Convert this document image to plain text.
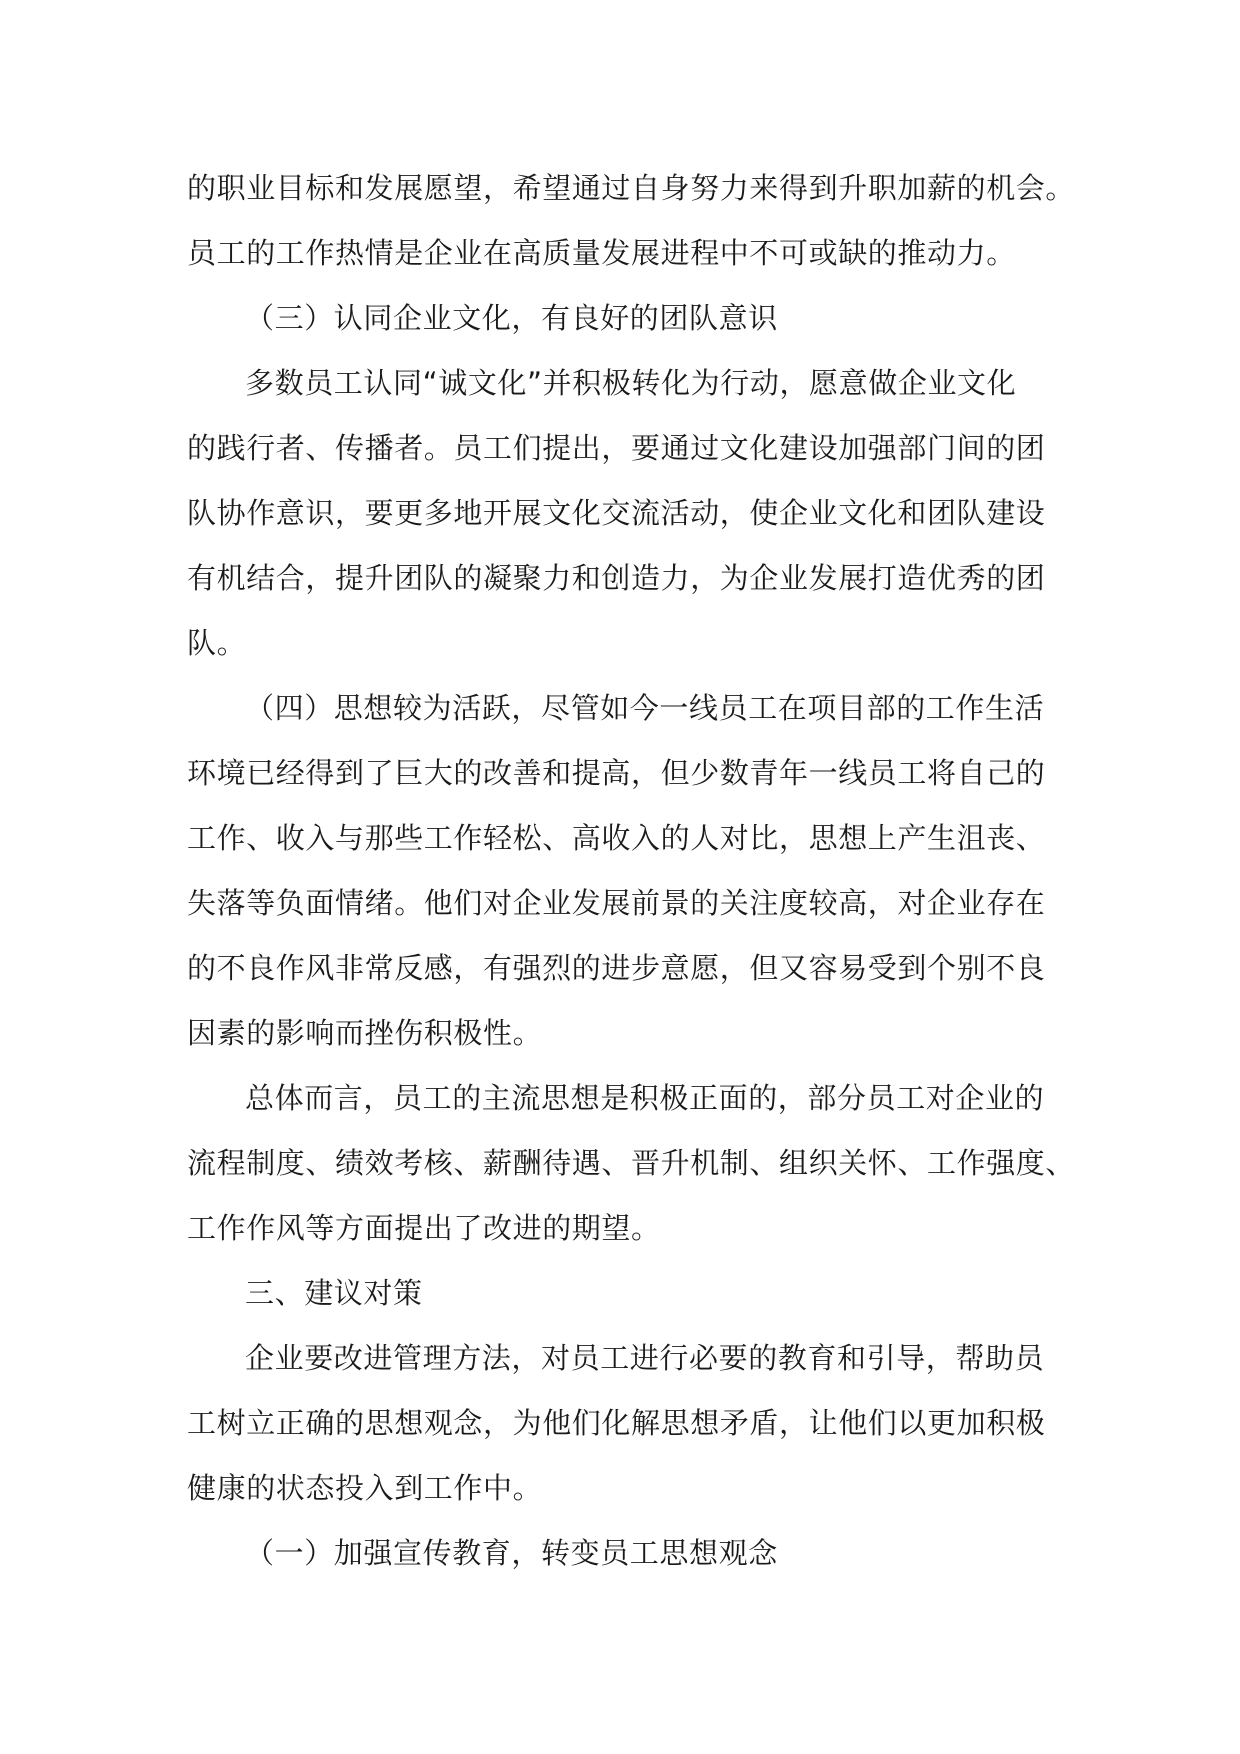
的职业目标和发展愿望，希望通过自身努力来得到升职加薪的机会。
员工的工作热情是企业在高质量发展进程中不可或缺的推动力。
（三）认同企业文化，有良好的团队意识
多数员工认同“诚文化”并积极转化为行动，愿意做企业文化
的践行者、传播者。员工们提出，要通过文化建设加强部门间的团
队协作意识，要更多地开展文化交流活动，使企业文化和团队建设
有机结合，提升团队的凝聚力和创造力，为企业发展打造优秀的团
队。
（四）思想较为活跃，尽管如今一线员工在项目部的工作生活
环境已经得到了巨大的改善和提高，但少数青年一线员工将自己的
工作、收入与那些工作轻松、高收入的人对比，思想上产生沮丧、
失落等负面情绪。他们对企业发展前景的关注度较高，对企业存在
的不良作风非常反感，有强烈的进步意愿，但又容易受到个别不良
因素的影响而挫伤积极性。
总体而言，员工的主流思想是积极正面的，部分员工对企业的
流程制度、绩效考核、薪酬待遇、晋升机制、组织关怀、工作强度、
工作作风等方面提出了改进的期望。
三、建议对策
企业要改进管理方法，对员工进行必要的教育和引导，帮助员
工树立正确的思想观念，为他们化解思想矛盾，让他们以更加积极
健康的状态投入到工作中。
（一）加强宣传教育，转变员工思想观念
